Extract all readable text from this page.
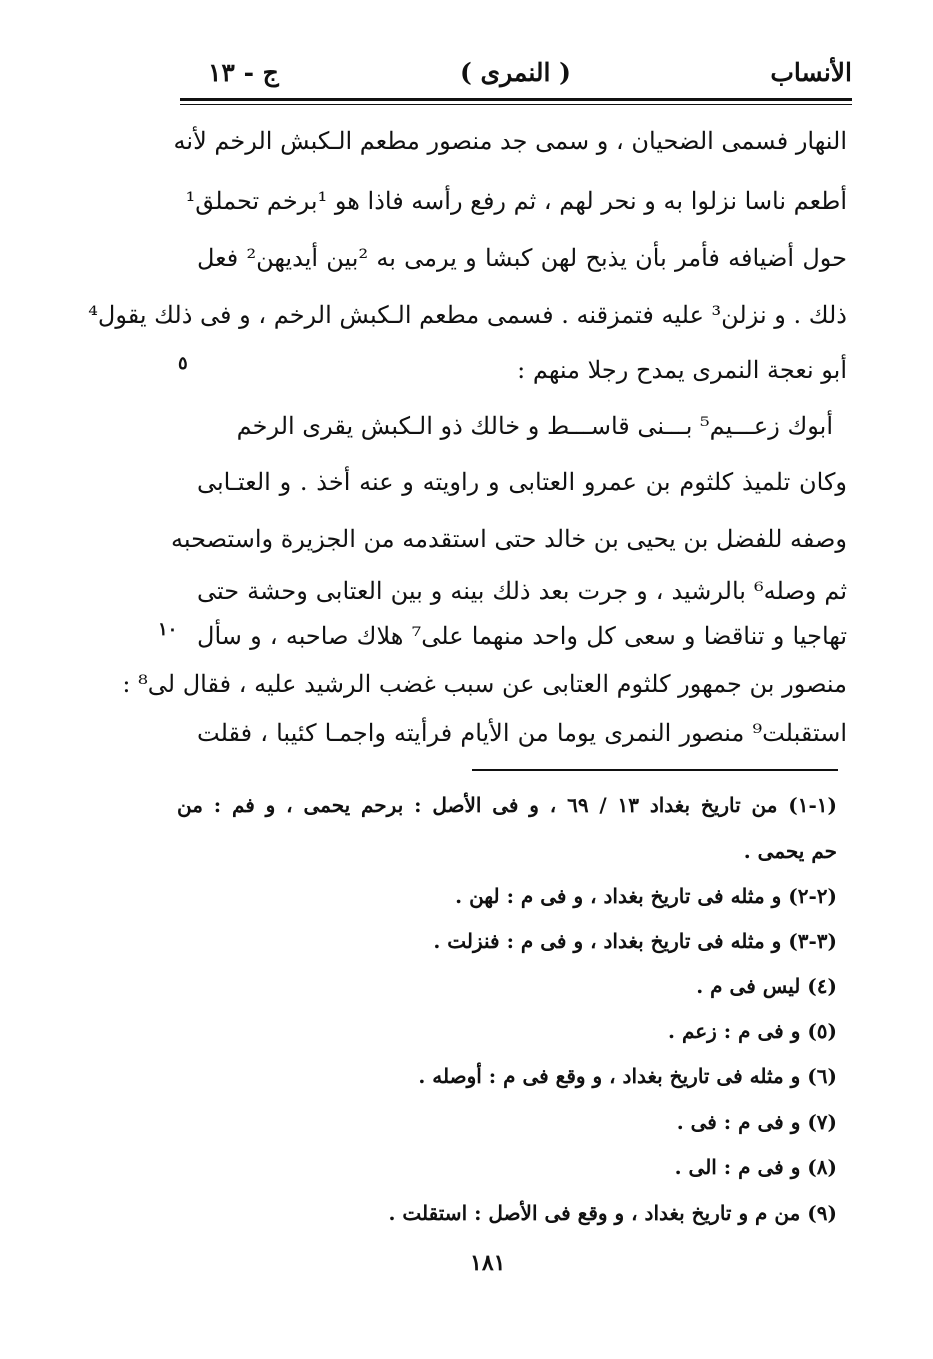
الأنساب
( النمرى )
ج - ١٣
النهار فسمى الضحيان ، و سمى جد منصور مطعم الـكبش الرخم لأنه
أطعم ناسا نزلوا به و نحر لهم ، ثم رفع رأسه فاذا هو ¹برخم تحملق¹
حول أضيافه فأمر بأن يذبح لهن كبشا و يرمى به ²بين أيديهن² فعل
ذلك . و نزلن³ عليه فتمزقنه . فسمى مطعم الـكبش الرخم ، و فى ذلك يقول⁴
أبو نعجة النمرى يمدح رجلا منهم :
أبوك زعـــيم⁵ بـــنى قاســـط و خالك ذو الـكبش يقرى الرخم
وكان تلميذ كلثوم بن عمرو العتابى و راويته و عنه أخذ . و العتـابى
وصفه للفضل بن يحيى بن خالد حتى استقدمه من الجزيرة واستصحبه
ثم وصله⁶ بالرشيد ، و جرت بعد ذلك بينه و بين العتابى وحشة حتى
تهاجيا و تناقضا و سعى كل واحد منهما على⁷ هلاك صاحبه ، و سأل
منصور بن جمهور كلثوم العتابى عن سبب غضب الرشيد عليه ، فقال لى⁸ :
استقبلت⁹ منصور النمرى يوما من الأيام فرأيته واجمـا كئيبا ، فقلت
٥
١٠
(١-١) من تاريخ بغداد ١٣ / ٦٩ ، و فى الأصل : برحم يحمى ، و فم : من
حم يحمى .
(٢-٢) و مثله فى تاريخ بغداد ، و فى م : لهن .
(٣-٣) و مثله فى تاريخ بغداد ، و فى م : فنزلت .
(٤) ليس فى م .
(٥) و فى م : زعم .
(٦) و مثله فى تاريخ بغداد ، و وقع فى م : أوصله .
(٧) و فى م : فى .
(٨) و فى م : الى .
(٩) من م و تاريخ بغداد ، و وقع فى الأصل : استقلت .
١٨١
